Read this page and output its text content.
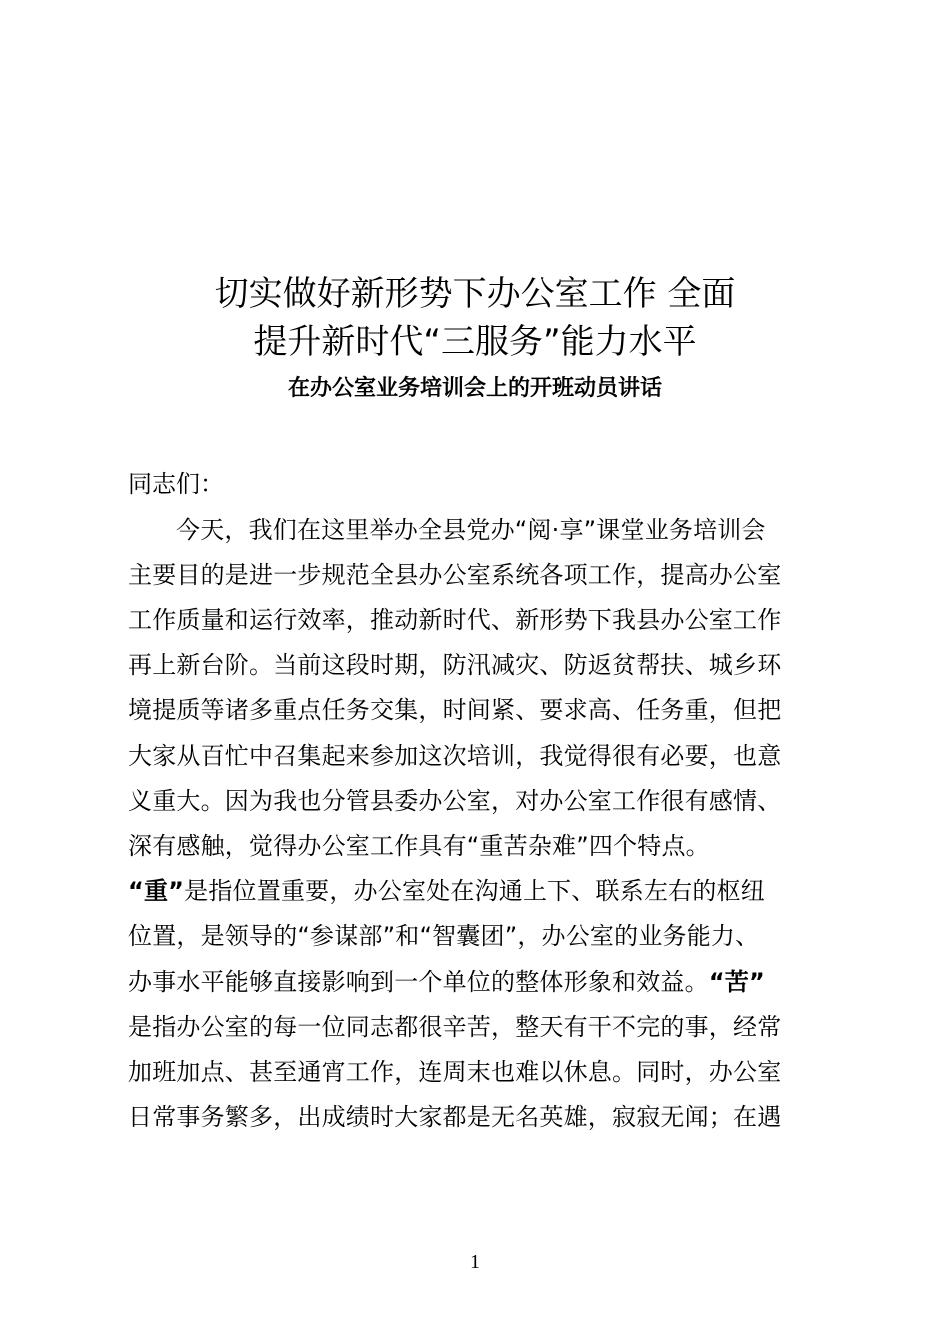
切实做好新形势下办公室工作 全面
提升新时代“三服务”能力水平
在办公室业务培训会上的开班动员讲话
同志们：
今天，我们在这里举办全县党办“阅·享”课堂业务培训会
主要目的是进一步规范全县办公室系统各项工作，提高办公室
工作质量和运行效率，推动新时代、新形势下我县办公室工作
再上新台阶。当前这段时期，防汛减灾、防返贫帮扶、城乡环
境提质等诸多重点任务交集，时间紧、要求高、任务重，但把
大家从百忙中召集起来参加这次培训，我觉得很有必要，也意
义重大。因为我也分管县委办公室，对办公室工作很有感情、
深有感触，觉得办公室工作具有“重苦杂难”四个特点。
“重”是指位置重要，办公室处在沟通上下、联系左右的枢纽
位置，是领导的“参谋部”和“智囊团”，办公室的业务能力、
办事水平能够直接影响到一个单位的整体形象和效益。“苦”
是指办公室的每一位同志都很辛苦，整天有干不完的事，经常
加班加点、甚至通宵工作，连周末也难以休息。同时，办公室
日常事务繁多，出成绩时大家都是无名英雄，寂寂无闻；在遇
1
